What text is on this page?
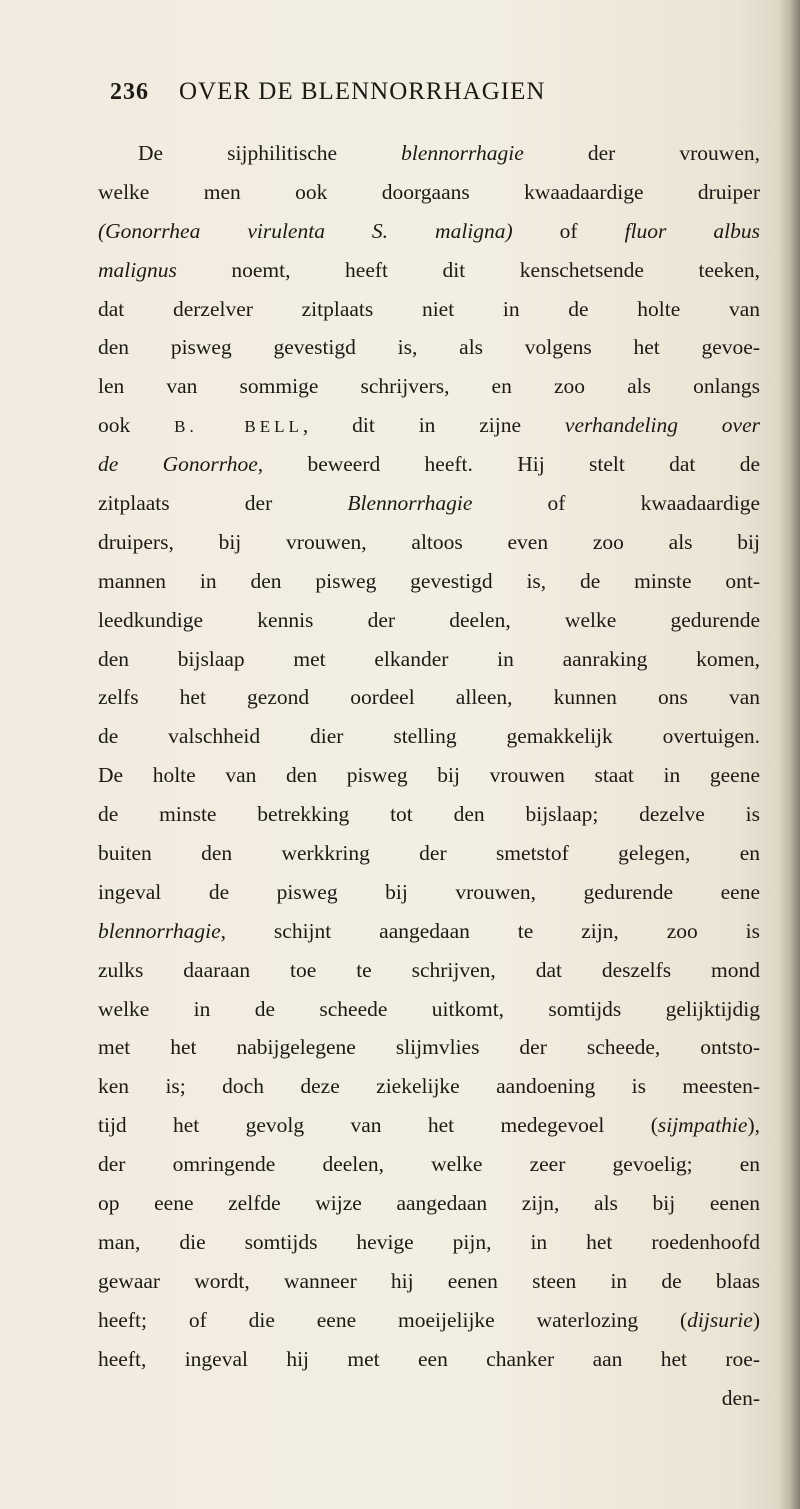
236 OVER DE BLENNORRHAGIEN
De sijphilitische blennorrhagie der vrouwen,
welke men ook doorgaans kwaadaardige druiper
(Gonorrhea virulenta S. maligna) of fluor albus
malignus noemt, heeft dit kenschetsende teeken,
dat derzelver zitplaats niet in de holte van
den pisweg gevestigd is, als volgens het gevoe-
len van sommige schrijvers, en zoo als onlangs
ook B. BELL, dit in zijne verhandeling over
de Gonorrhoe, beweerd heeft. Hij stelt dat de
zitplaats der Blennorrhagie of kwaadaardige
druipers, bij vrouwen, altoos even zoo als bij
mannen in den pisweg gevestigd is, de minste ont-
leedkundige kennis der deelen, welke gedurende
den bijslaap met elkander in aanraking komen,
zelfs het gezond oordeel alleen, kunnen ons van
de valschheid dier stelling gemakkelijk overtuigen.
De holte van den pisweg bij vrouwen staat in geene
de minste betrekking tot den bijslaap; dezelve is
buiten den werkkring der smetstof gelegen, en
ingeval de pisweg bij vrouwen, gedurende eene
blennorrhagie, schijnt aangedaan te zijn, zoo is
zulks daaraan toe te schrijven, dat deszelfs mond
welke in de scheede uitkomt, somtijds gelijktijdig
met het nabijgelegene slijmvlies der scheede, ontsto-
ken is; doch deze ziekelijke aandoening is meesten-
tijd het gevolg van het medegevoel (sijmpathie),
der omringende deelen, welke zeer gevoelig; en
op eene zelfde wijze aangedaan zijn, als bij eenen
man, die somtijds hevige pijn, in het roedenhoofd
gewaar wordt, wanneer hij eenen steen in de blaas
heeft; of die eene moeijelijke waterlozing (dijsurie)
heeft, ingeval hij met een chanker aan het roe-
den-
